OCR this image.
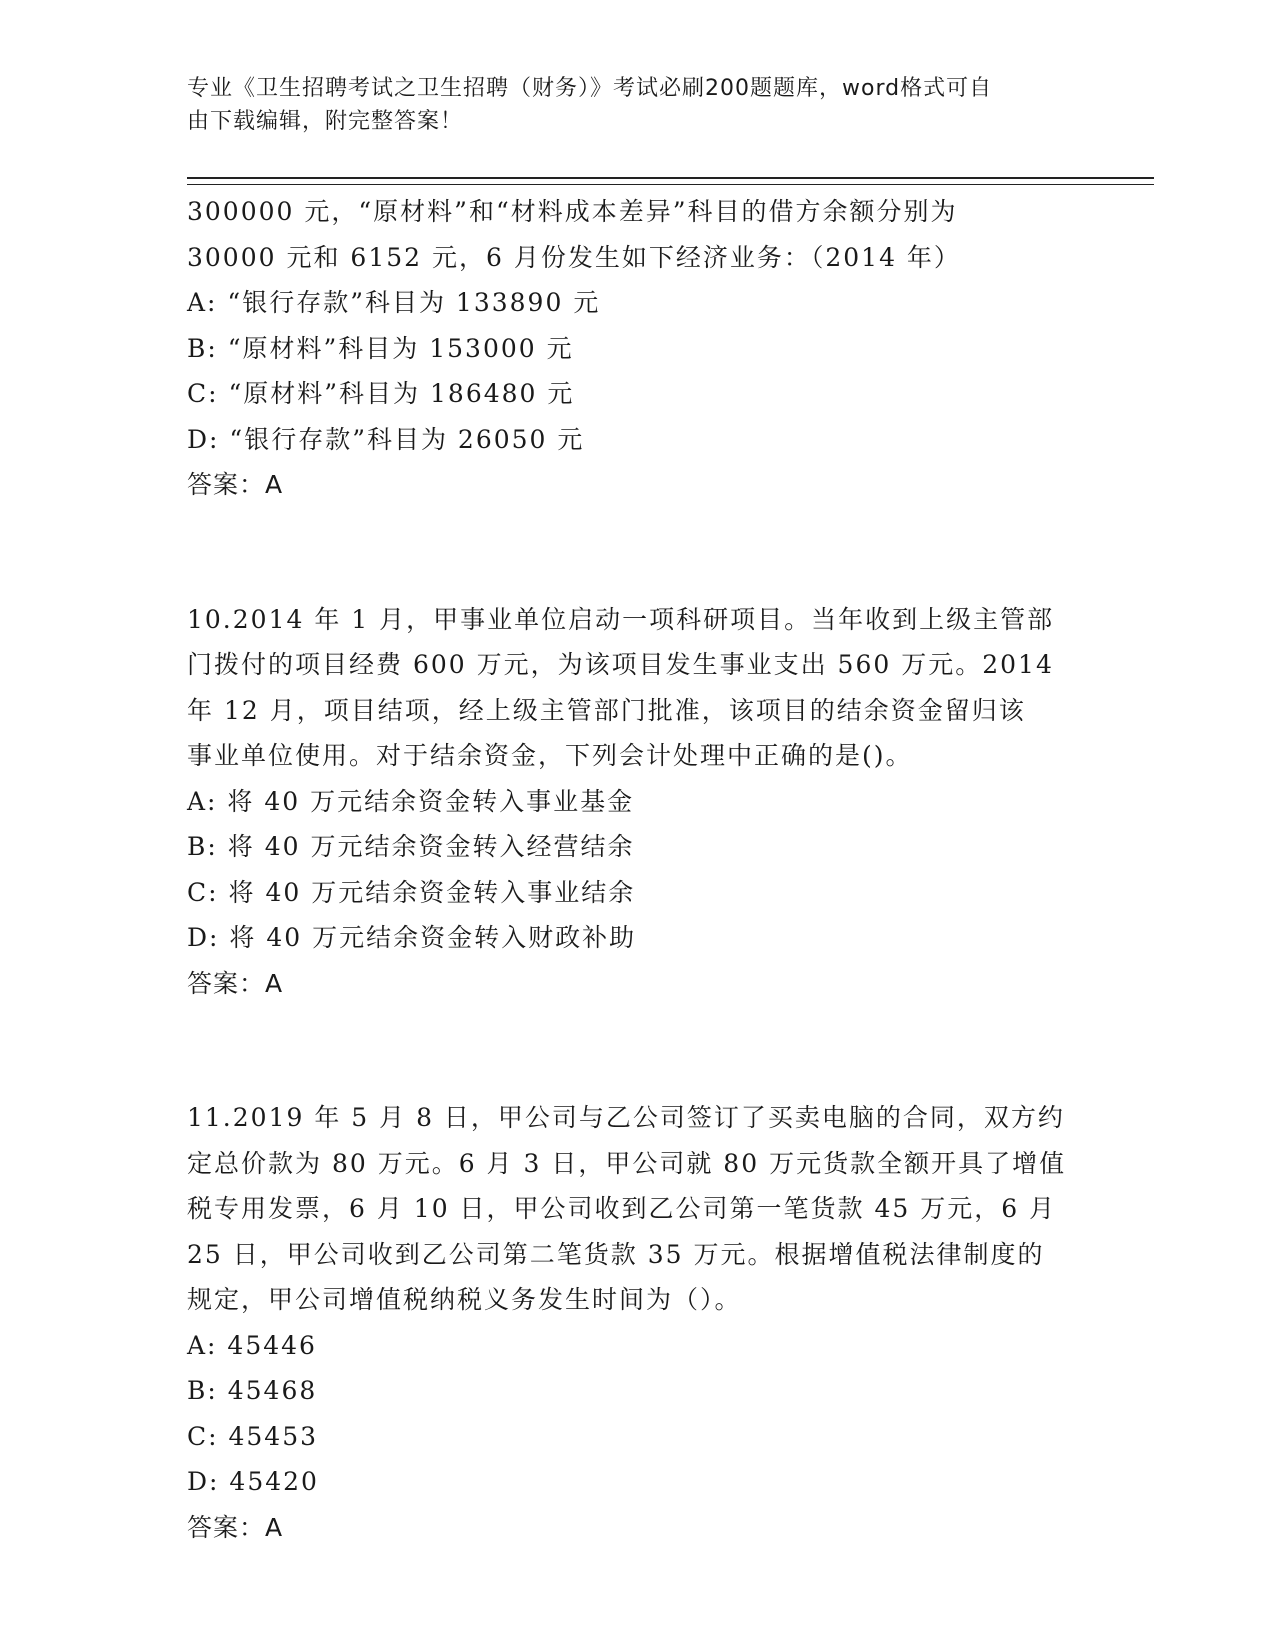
专业《卫生招聘考试之卫生招聘（财务）》考试必刷200题题库，word格式可自
由下载编辑，附完整答案！
300000 元，“原材料”和“材料成本差异”科目的借方余额分别为
30000 元和 6152 元，6 月份发生如下经济业务：（2014 年）
A: “银行存款”科目为 133890 元
B: “原材料”科目为 153000 元
C: “原材料”科目为 186480 元
D: “银行存款”科目为 26050 元
答案：A
10.2014 年 1 月，甲事业单位启动一项科研项目。当年收到上级主管部
门拨付的项目经费 600 万元，为该项目发生事业支出 560 万元。2014
年 12 月，项目结项，经上级主管部门批准，该项目的结余资金留归该
事业单位使用。对于结余资金，下列会计处理中正确的是()。
A: 将 40 万元结余资金转入事业基金
B: 将 40 万元结余资金转入经营结余
C: 将 40 万元结余资金转入事业结余
D: 将 40 万元结余资金转入财政补助
答案：A
11.2019 年 5 月 8 日，甲公司与乙公司签订了买卖电脑的合同，双方约
定总价款为 80 万元。6 月 3 日，甲公司就 80 万元货款全额开具了增值
税专用发票，6 月 10 日，甲公司收到乙公司第一笔货款 45 万元，6 月
25 日，甲公司收到乙公司第二笔货款 35 万元。根据增值税法律制度的
规定，甲公司增值税纳税义务发生时间为（）。
A: 45446
B: 45468
C: 45453
D: 45420
答案：A
